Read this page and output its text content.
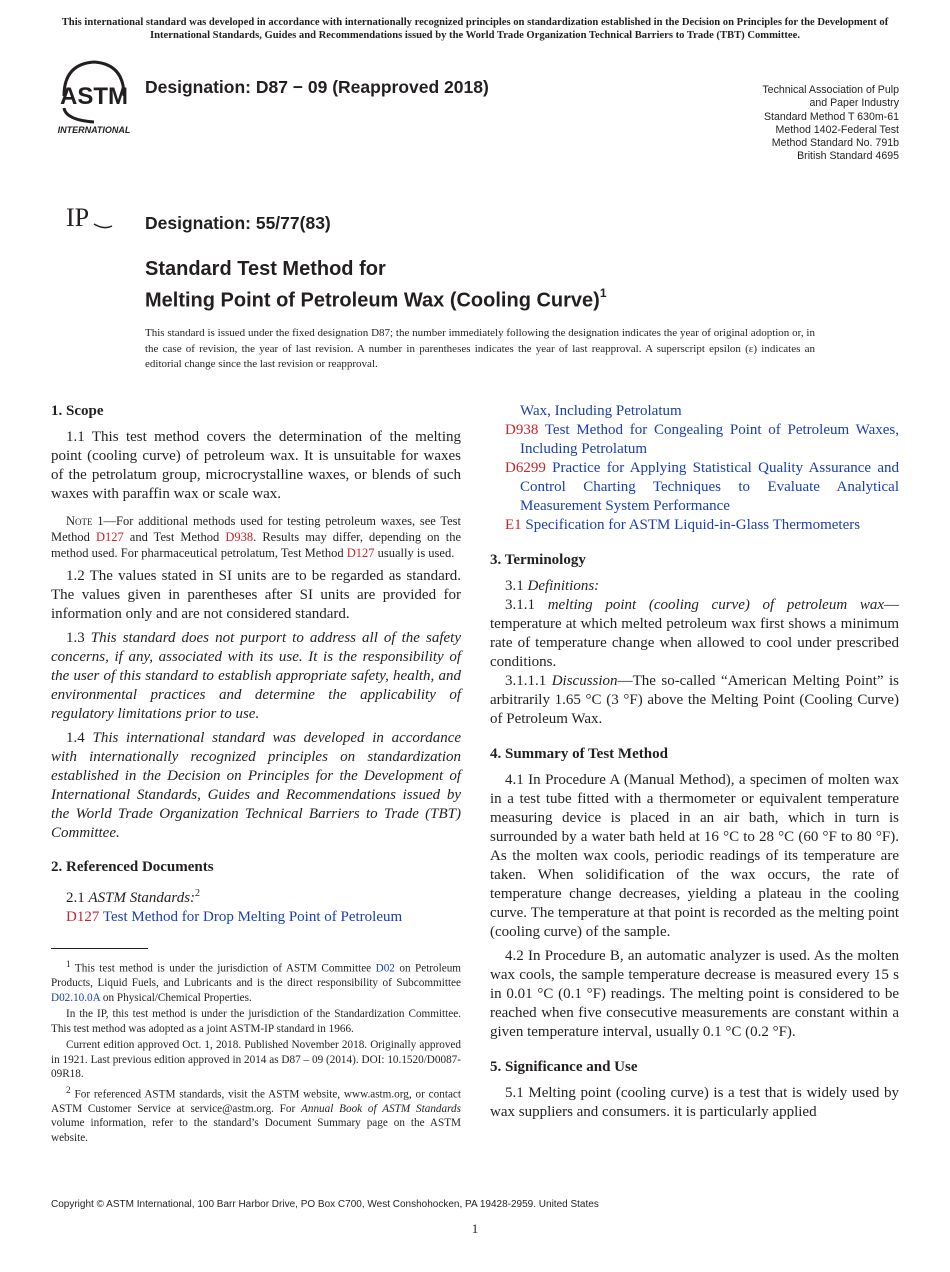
This international standard was developed in accordance with internationally recognized principles on standardization established in the Decision on Principles for the Development of International Standards, Guides and Recommendations issued by the World Trade Organization Technical Barriers to Trade (TBT) Committee.
ASTM
INTERNATIONAL
Designation: D87 − 09 (Reapproved 2018)	Technical Association of Pulp
and Paper Industry
Standard Method T 630m-61
Method 1402-Federal Test
Method Standard No. 791b
British Standard 4695
IP	Designation: 55/77(83)
Standard Test Method for
Melting Point of Petroleum Wax (Cooling Curve)$^1$
This standard is issued under the fixed designation D87; the number immediately following the designation indicates the year of original adoption or, in the case of revision, the year of last revision. A number in parentheses indicates the year of last reapproval. A superscript epsilon (ε) indicates an editorial change since the last revision or reapproval.
1. Scope

1.1 This test method covers the determination of the melting point (cooling curve) of petroleum wax. It is unsuitable for waxes of the petrolatum group, microcrystalline waxes, or blends of such waxes with paraffin wax or scale wax.

Note 1—For additional methods used for testing petroleum waxes, see Test Method D127 and Test Method D938. Results may differ, depending on the method used. For pharmaceutical petrolatum, Test Method D127 usually is used.

1.2 The values stated in SI units are to be regarded as standard. The values given in parentheses after SI units are provided for information only and are not considered standard.

1.3 This standard does not purport to address all of the safety concerns, if any, associated with its use. It is the responsibility of the user of this standard to establish appropriate safety, health, and environmental practices and determine the applicability of regulatory limitations prior to use.

1.4 This international standard was developed in accordance with internationally recognized principles on standardization established in the Decision on Principles for the Development of International Standards, Guides and Recommendations issued by the World Trade Organization Technical Barriers to Trade (TBT) Committee.

2. Referenced Documents

2.1 ASTM Standards:$^2$

D127 Test Method for Drop Melting Point of Petroleum

$^1$ This test method is under the jurisdiction of ASTM Committee D02 on Petroleum Products, Liquid Fuels, and Lubricants and is the direct responsibility of Subcommittee D02.10.0A on Physical/Chemical Properties.

In the IP, this test method is under the jurisdiction of the Standardization Committee. This test method was adopted as a joint ASTM-IP standard in 1966.

Current edition approved Oct. 1, 2018. Published November 2018. Originally approved in 1921. Last previous edition approved in 2014 as D87 – 09 (2014). DOI: 10.1520/D0087-09R18.

$^2$ For referenced ASTM standards, visit the ASTM website, www.astm.org, or contact ASTM Customer Service at service@astm.org. For Annual Book of ASTM Standards volume information, refer to the standard’s Document Summary page on the ASTM website.

Wax, Including Petrolatum

D938 Test Method for Congealing Point of Petroleum Waxes, Including Petrolatum

D6299 Practice for Applying Statistical Quality Assurance and Control Charting Techniques to Evaluate Analytical Measurement System Performance

E1 Specification for ASTM Liquid-in-Glass Thermometers

3. Terminology

3.1 Definitions:

3.1.1 melting point (cooling curve) of petroleum wax—temperature at which melted petroleum wax first shows a minimum rate of temperature change when allowed to cool under prescribed conditions.

3.1.1.1 Discussion—The so-called “American Melting Point” is arbitrarily 1.65 °C (3 °F) above the Melting Point (Cooling Curve) of Petroleum Wax.

4. Summary of Test Method

4.1 In Procedure A (Manual Method), a specimen of molten wax in a test tube fitted with a thermometer or equivalent temperature measuring device is placed in an air bath, which in turn is surrounded by a water bath held at 16 °C to 28 °C (60 °F to 80 °F). As the molten wax cools, periodic readings of its temperature are taken. When solidification of the wax occurs, the rate of temperature change decreases, yielding a plateau in the cooling curve. The temperature at that point is recorded as the melting point (cooling curve) of the sample.

4.2 In Procedure B, an automatic analyzer is used. As the molten wax cools, the sample temperature decrease is measured every 15 s in 0.01 °C (0.1 °F) readings. The melting point is considered to be reached when five consecutive measurements are constant within a given temperature interval, usually 0.1 °C (0.2 °F).

5. Significance and Use

5.1 Melting point (cooling curve) is a test that is widely used by wax suppliers and consumers. it is particularly applied

Copyright © ASTM International, 100 Barr Harbor Drive, PO Box C700, West Conshohocken, PA 19428-2959. United States
1
